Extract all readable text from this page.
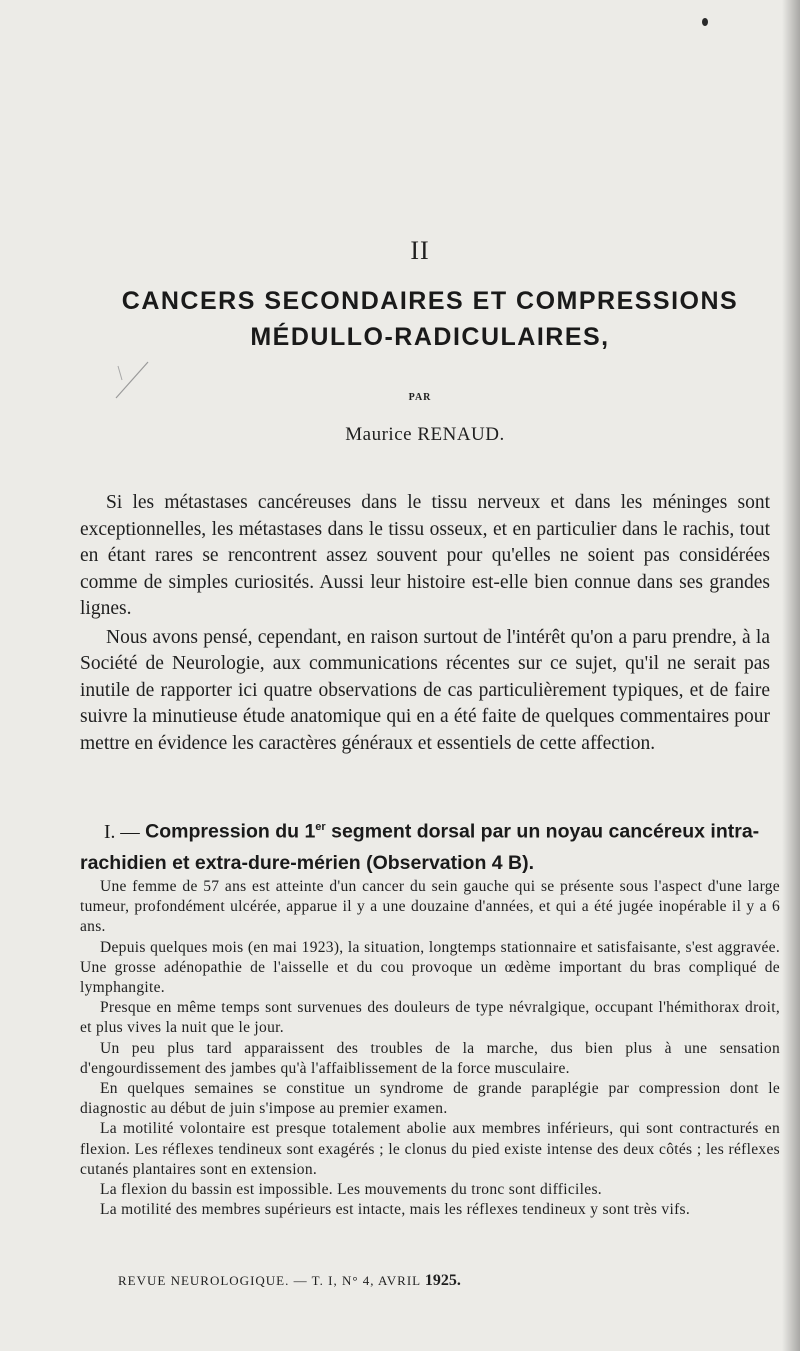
II
CANCERS SECONDAIRES ET COMPRESSIONS
MÉDULLO-RADICULAIRES,
PAR
Maurice RENAUD.

Si les métastases cancéreuses dans le tissu nerveux et dans les méninges sont exceptionnelles, les métastases dans le tissu osseux, et en particulier dans le rachis, tout en étant rares se rencontrent assez souvent pour qu'elles ne soient pas considérées comme de simples curiosités. Aussi leur histoire est-elle bien connue dans ses grandes lignes.

Nous avons pensé, cependant, en raison surtout de l'intérêt qu'on a paru prendre, à la Société de Neurologie, aux communications récentes sur ce sujet, qu'il ne serait pas inutile de rapporter ici quatre observations de cas particulièrement typiques, et de faire suivre la minutieuse étude anatomique qui en a été faite de quelques commentaires pour mettre en évidence les caractères généraux et essentiels de cette affection.

I. — Compression du 1er segment dorsal par un noyau cancéreux intra-rachidien et extra-dure-mérien (Observation 4 B).

Une femme de 57 ans est atteinte d'un cancer du sein gauche qui se présente sous l'aspect d'une large tumeur, profondément ulcérée, apparue il y a une douzaine d'années, et qui a été jugée inopérable il y a 6 ans.

Depuis quelques mois (en mai 1923), la situation, longtemps stationnaire et satisfaisante, s'est aggravée. Une grosse adénopathie de l'aisselle et du cou provoque un œdème important du bras compliqué de lymphangite.

Presque en même temps sont survenues des douleurs de type névralgique, occupant l'hémithorax droit, et plus vives la nuit que le jour.

Un peu plus tard apparaissent des troubles de la marche, dus bien plus à une sensation d'engourdissement des jambes qu'à l'affaiblissement de la force musculaire.

En quelques semaines se constitue un syndrome de grande paraplégie par compression dont le diagnostic au début de juin s'impose au premier examen.

La motilité volontaire est presque totalement abolie aux membres inférieurs, qui sont contracturés en flexion. Les réflexes tendineux sont exagérés ; le clonus du pied existe intense des deux côtés ; les réflexes cutanés plantaires sont en extension.

La flexion du bassin est impossible. Les mouvements du tronc sont difficiles.

La motilité des membres supérieurs est intacte, mais les réflexes tendineux y sont très vifs.

REVUE NEUROLOGIQUE. — T. I, N° 4, AVRIL 1925.
